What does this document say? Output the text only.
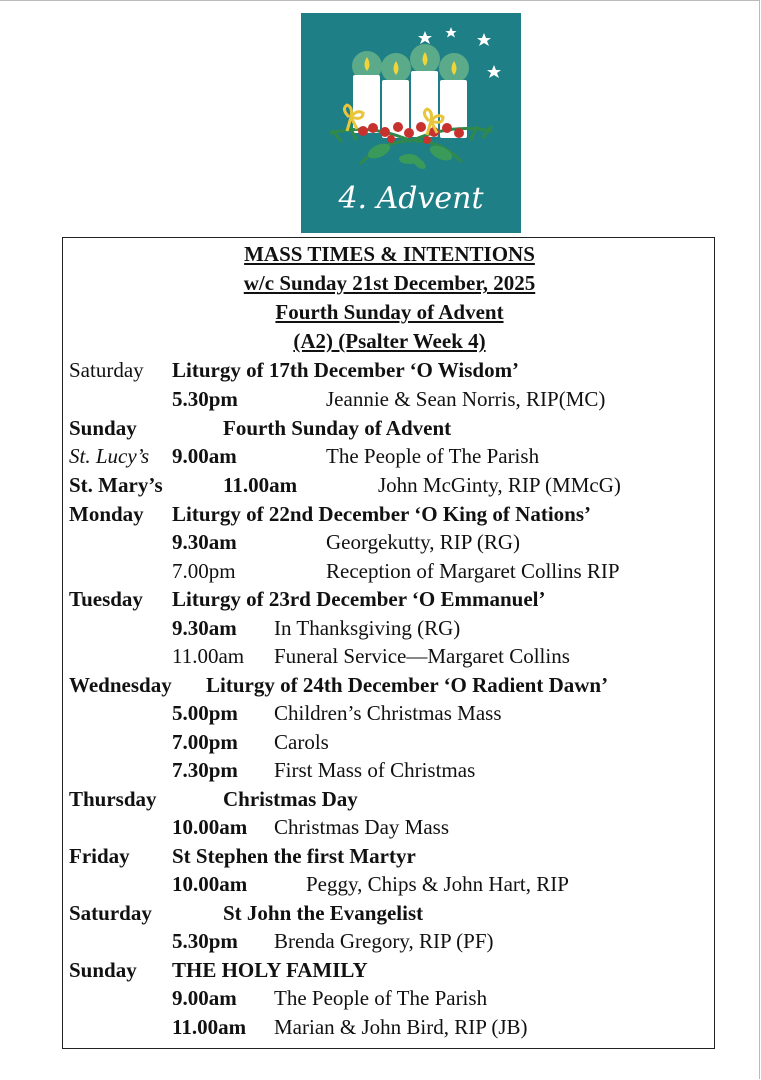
4. Advent
MASS TIMES & INTENTIONS
w/c Sunday 21st December, 2025
Fourth Sunday of Advent
(A2) (Psalter Week 4)
Saturday Liturgy of 17th December ‘O Wisdom’
5.30pm	Jeannie & Sean Norris, RIP(MC)
Sunday	Fourth Sunday of Advent
St. Lucy’s 9.00am	The People of The Parish
St. Mary’s	11.00am	John McGinty, RIP (MMcG)
Monday Liturgy of 22nd December ‘O King of Nations’
9.30am	Georgekutty, RIP (RG)
7.00pm	Reception of Margaret Collins RIP
Tuesday Liturgy of 23rd December ‘O Emmanuel’
9.30am In Thanksgiving (RG)
11.00am Funeral Service—Margaret Collins
Wednesday Liturgy of 24th December ‘O Radient Dawn’
5.00pm Children’s Christmas Mass
7.00pm Carols
7.30pm First Mass of Christmas
Thursday	Christmas Day
10.00am Christmas Day Mass
Friday St Stephen the first Martyr
10.00am	Peggy, Chips & John Hart, RIP
Saturday	St John the Evangelist
5.30pm Brenda Gregory, RIP (PF)
Sunday THE HOLY FAMILY
9.00am The People of The Parish
11.00am Marian & John Bird, RIP (JB)
